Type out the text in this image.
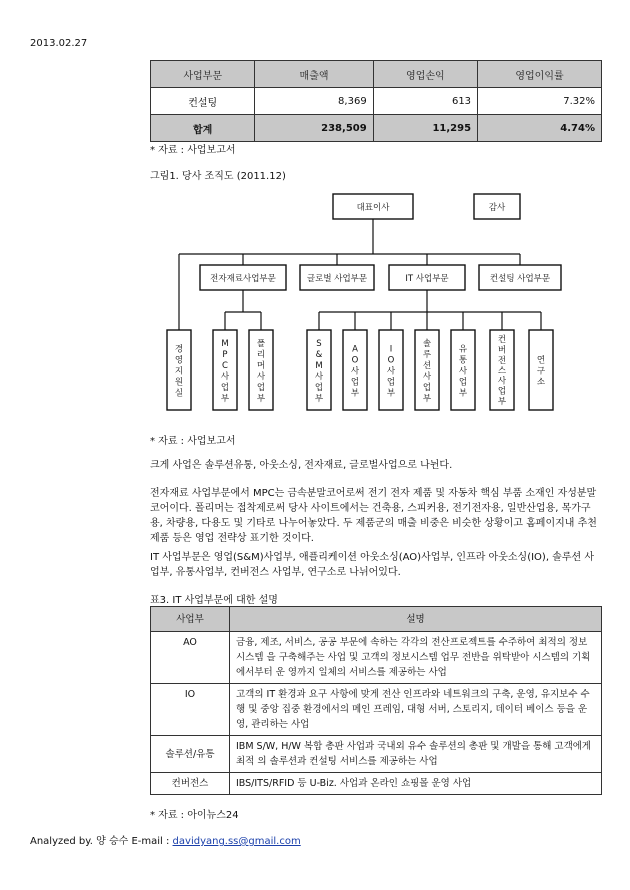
2013.02.27
사업부문	매출액	영업손익	영업이익률
컨설팅	8,369	613	7.32%
합계	238,509	11,295	4.74%
* 자료 : 사업보고서
그림1. 당사 조직도 (2011.12)
대표이사	감사
전자재료사업부문	글로벌 사업부문	IT 사업부문	컨설팅 사업부문
경 영 지 원 실
M P C 사 업 부
폴 리 머 사 업 부
S & M 사 업 부
A O 사 업 부
I O 사 업 부
솔 루 션 사 업 부
유 통 사 업 부
컨 버 전 스 사 업 부
연 구 소
* 자료 : 사업보고서
크게 사업은 솔루션유통, 아웃소싱, 전자재료, 글로벌사업으로 나뉜다.
전자재료 사업부문에서 MPC는 금속분말코어로써 전기 전자 제품 및 자동차 핵심 부품 소재인 자성분말코어이다. 폴리머는 접착제로써 당사 사이트에서는 건축용, 스피커용, 전기전자용, 일반산업용, 목가구용, 차량용, 다용도 및 기타로 나누어놓았다. 두 제품군의 매출 비중은 비슷한 상황이고 홈페이지내 추천제품 등은 영업 전략상 표기한 것이다.
IT 사업부문은 영업(S&M)사업부, 애플리케이션 아웃소싱(AO)사업부, 인프라 아웃소싱(IO), 솔루션 사업부, 유통사업부, 컨버전스 사업부, 연구소로 나뉘어있다.
표3. IT 사업부문에 대한 설명
사업부	설명
AO	금융, 제조, 서비스, 공공 부문에 속하는 각각의 전산프로젝트를 수주하여 최적의 정보시스템 을 구축해주는 사업 및 고객의 정보시스템 업무 전반을 위탁받아 시스템의 기획에서부터 운 영까지 일체의 서비스를 제공하는 사업
IO	고객의 IT 환경과 요구 사항에 맞게 전산 인프라와 네트워크의 구축, 운영, 유지보수 수행 및 중앙 집중 환경에서의 메인 프레임, 대형 서버, 스토리지, 데이터 베이스 등을 운영, 관리하는 사업
솔루션/유통	IBM S/W, H/W 복합 총판 사업과 국내외 유수 솔루션의 총판 및 개발을 통해 고객에게 최적 의 솔루션과 컨설팅 서비스를 제공하는 사업
컨버전스	IBS/ITS/RFID 등 U-Biz. 사업과 온라인 쇼핑몰 운영 사업
* 자료 : 아이뉴스24
Analyzed by. 양 승수 E-mail : davidyang.ss@gmail.com
